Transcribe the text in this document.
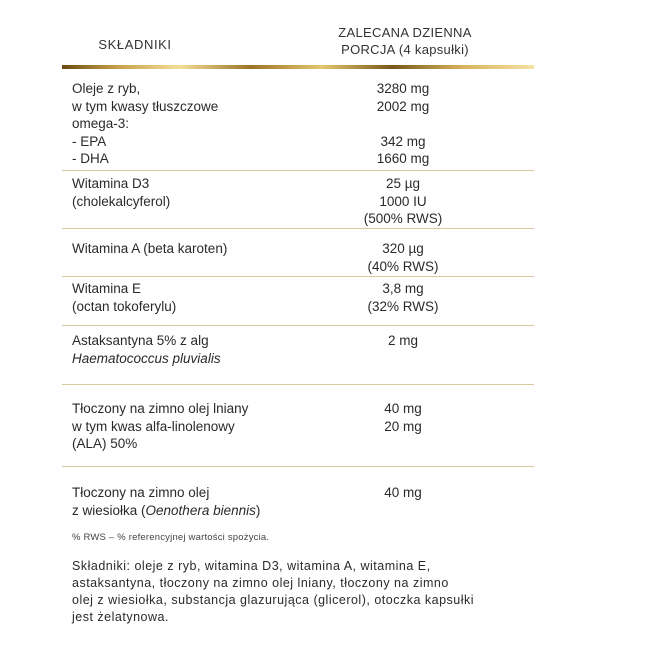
SKŁADNIKI
ZALECANA DZIENNA
PORCJA (4 kapsułki)
Oleje z ryb,
w tym kwasy tłuszczowe
omega-3:
- EPA
- DHA
3280 mg
2002 mg

342 mg
1660 mg
Witamina D3
(cholekalcyferol)
25 µg
1000 IU
(500% RWS)
Witamina A (beta karoten)	320 µg
(40% RWS)
Witamina E
(octan tokoferylu)
3,8 mg
(32% RWS)
Astaksantyna 5% z alg
Haematococcus pluvialis
2 mg
Tłoczony na zimno olej lniany
w tym kwas alfa-linolenowy
(ALA) 50%
40 mg
20 mg
Tłoczony na zimno olej
z wiesiołka (Oenothera biennis)
40 mg
% RWS – % referencyjnej wartości spożycia.
Składniki: oleje z ryb, witamina D3, witamina A, witamina E,
astaksantyna, tłoczony na zimno olej lniany, tłoczony na zimno
olej z wiesiołka, substancja glazurująca (glicerol), otoczka kapsułki
jest żelatynowa.
